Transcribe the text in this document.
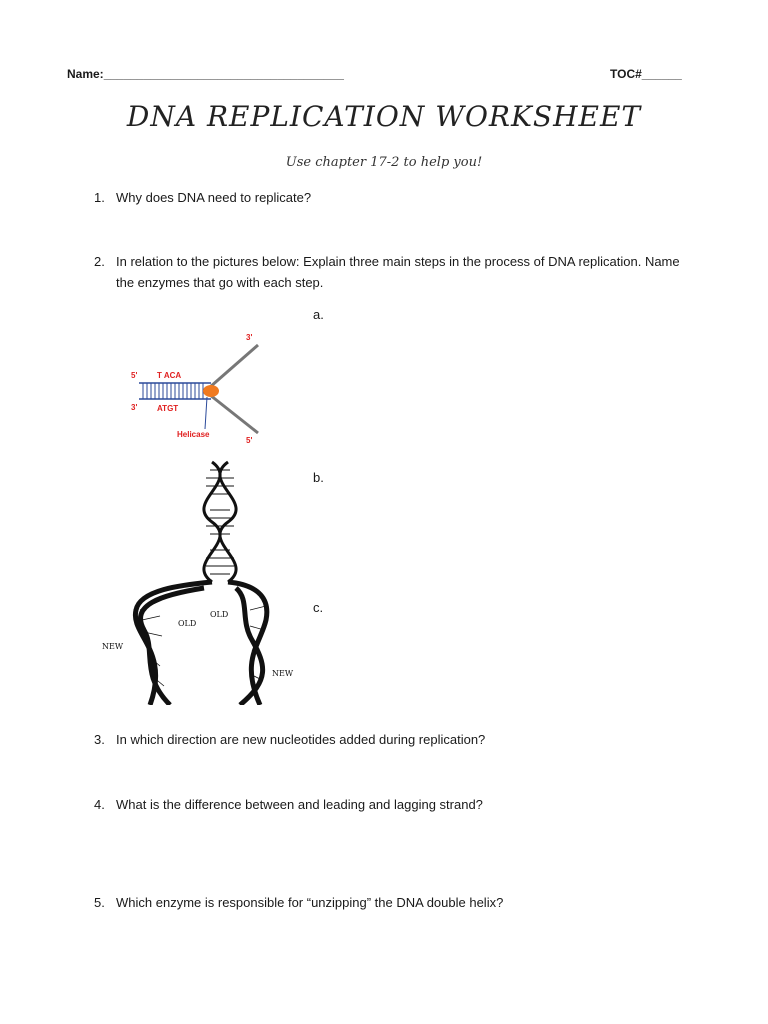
Name:____________________________________	TOC#______
DNA REPLICATION WORKSHEET
Use chapter 17-2 to help you!
1. Why does DNA need to replicate?
2. In relation to the pictures below: Explain three main steps in the process of DNA replication. Name the enzymes that go with each step.
a.
b.
c.
5'
3'
T ACA
ATGT
3'
5'
Helicase
OLD
OLD
NEW
NEW
3. In which direction are new nucleotides added during replication?
4. What is the difference between and leading and lagging strand?
5. Which enzyme is responsible for “unzipping” the DNA double helix?
